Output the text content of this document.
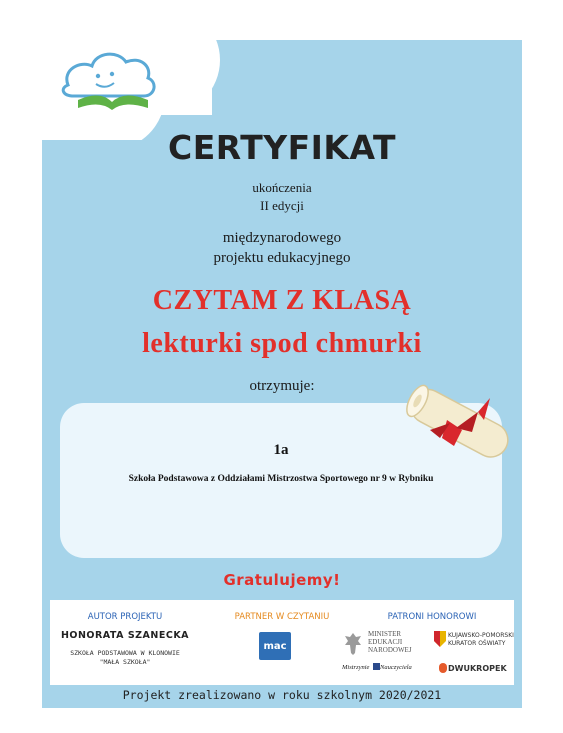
CERTYFIKAT
ukończenia
II edycji
międzynarodowego
projektu edukacyjnego
CZYTAM Z KLASĄ
lekturki spod chmurki
otrzymuje:
1a
Szkoła Podstawowa z Oddziałami Mistrzostwa Sportowego nr 9 w Rybniku
Gratulujemy!
AUTOR PROJEKTU	PARTNER W CZYTANIU	PATRONI HONOROWI
HONORATA SZANECKA
SZKOŁA PODSTAWOWA W KLONOWIE
"MAŁA SZKOŁA"
mac
MINISTER
EDUKACJI
NARODOWEJ
KUJAWSKO-POMORSKI
KURATOR OŚWIATY
Mistrzynie Nauczyciela	DWUKROPEK
Projekt zrealizowano w roku szkolnym 2020/2021
